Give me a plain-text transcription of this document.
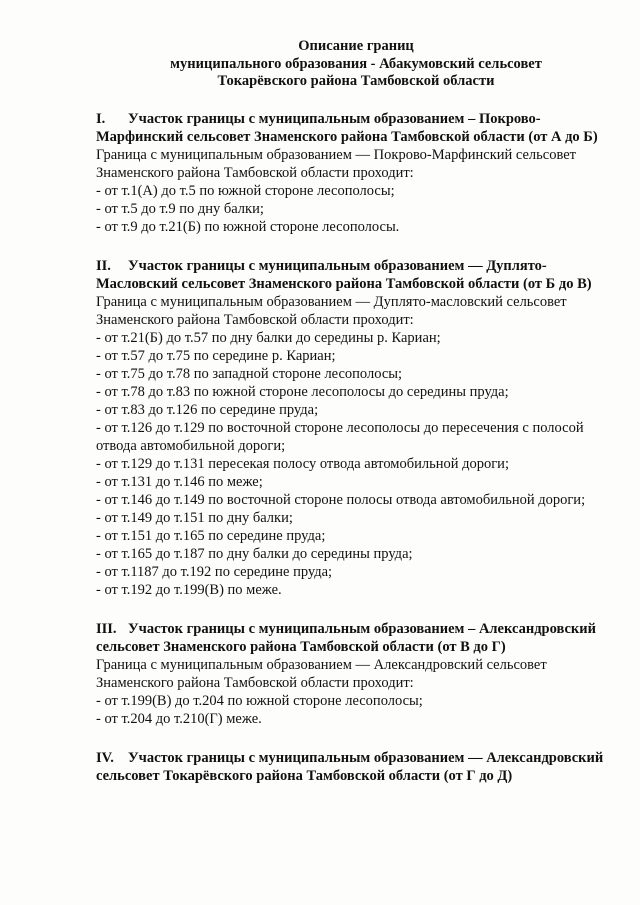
Описание границ
муниципального образования - Абакумовский сельсовет
Токарёвского района Тамбовской области

I. Участок границы с муниципальным образованием – Покрово-Марфинский сельсовет Знаменского района Тамбовской области (от А до Б)

Граница с муниципальным образованием — Покрово-Марфинский сельсовет Знаменского района Тамбовской области проходит:

- от т.1(А) до т.5 по южной стороне лесополосы;

- от т.5 до т.9 по дну балки;

- от т.9 до т.21(Б) по южной стороне лесополосы.

II. Участок границы с муниципальным образованием — Дуплято-Масловский сельсовет Знаменского района Тамбовской области (от Б до В)

Граница с муниципальным образованием — Дуплято-масловский сельсовет Знаменского района Тамбовской области проходит:

- от т.21(Б) до т.57 по дну балки до середины р. Кариан;

- от т.57 до т.75 по середине р. Кариан;

- от т.75 до т.78 по западной стороне лесополосы;

- от т.78 до т.83 по южной стороне лесополосы до середины пруда;

- от т.83 до т.126 по середине пруда;

- от т.126 до т.129 по восточной стороне лесополосы до пересечения с полосой отвода автомобильной дороги;

- от т.129 до т.131 пересекая полосу отвода автомобильной дороги;

- от т.131 до т.146 по меже;

- от т.146 до т.149 по восточной стороне полосы отвода автомобильной дороги;

- от т.149 до т.151 по дну балки;

- от т.151 до т.165 по середине пруда;

- от т.165 до т.187 по дну балки до середины пруда;

- от т.1187 до т.192 по середине пруда;

- от т.192 до т.199(В) по меже.

III. Участок границы с муниципальным образованием – Александровский сельсовет Знаменского района Тамбовской области (от В до Г)

Граница с муниципальным образованием — Александровский сельсовет Знаменского района Тамбовской области проходит:

- от т.199(В) до т.204 по южной стороне лесополосы;

- от т.204 до т.210(Г) меже.

IV. Участок границы с муниципальным образованием — Александровский сельсовет Токарёвского района Тамбовской области (от Г до Д)
